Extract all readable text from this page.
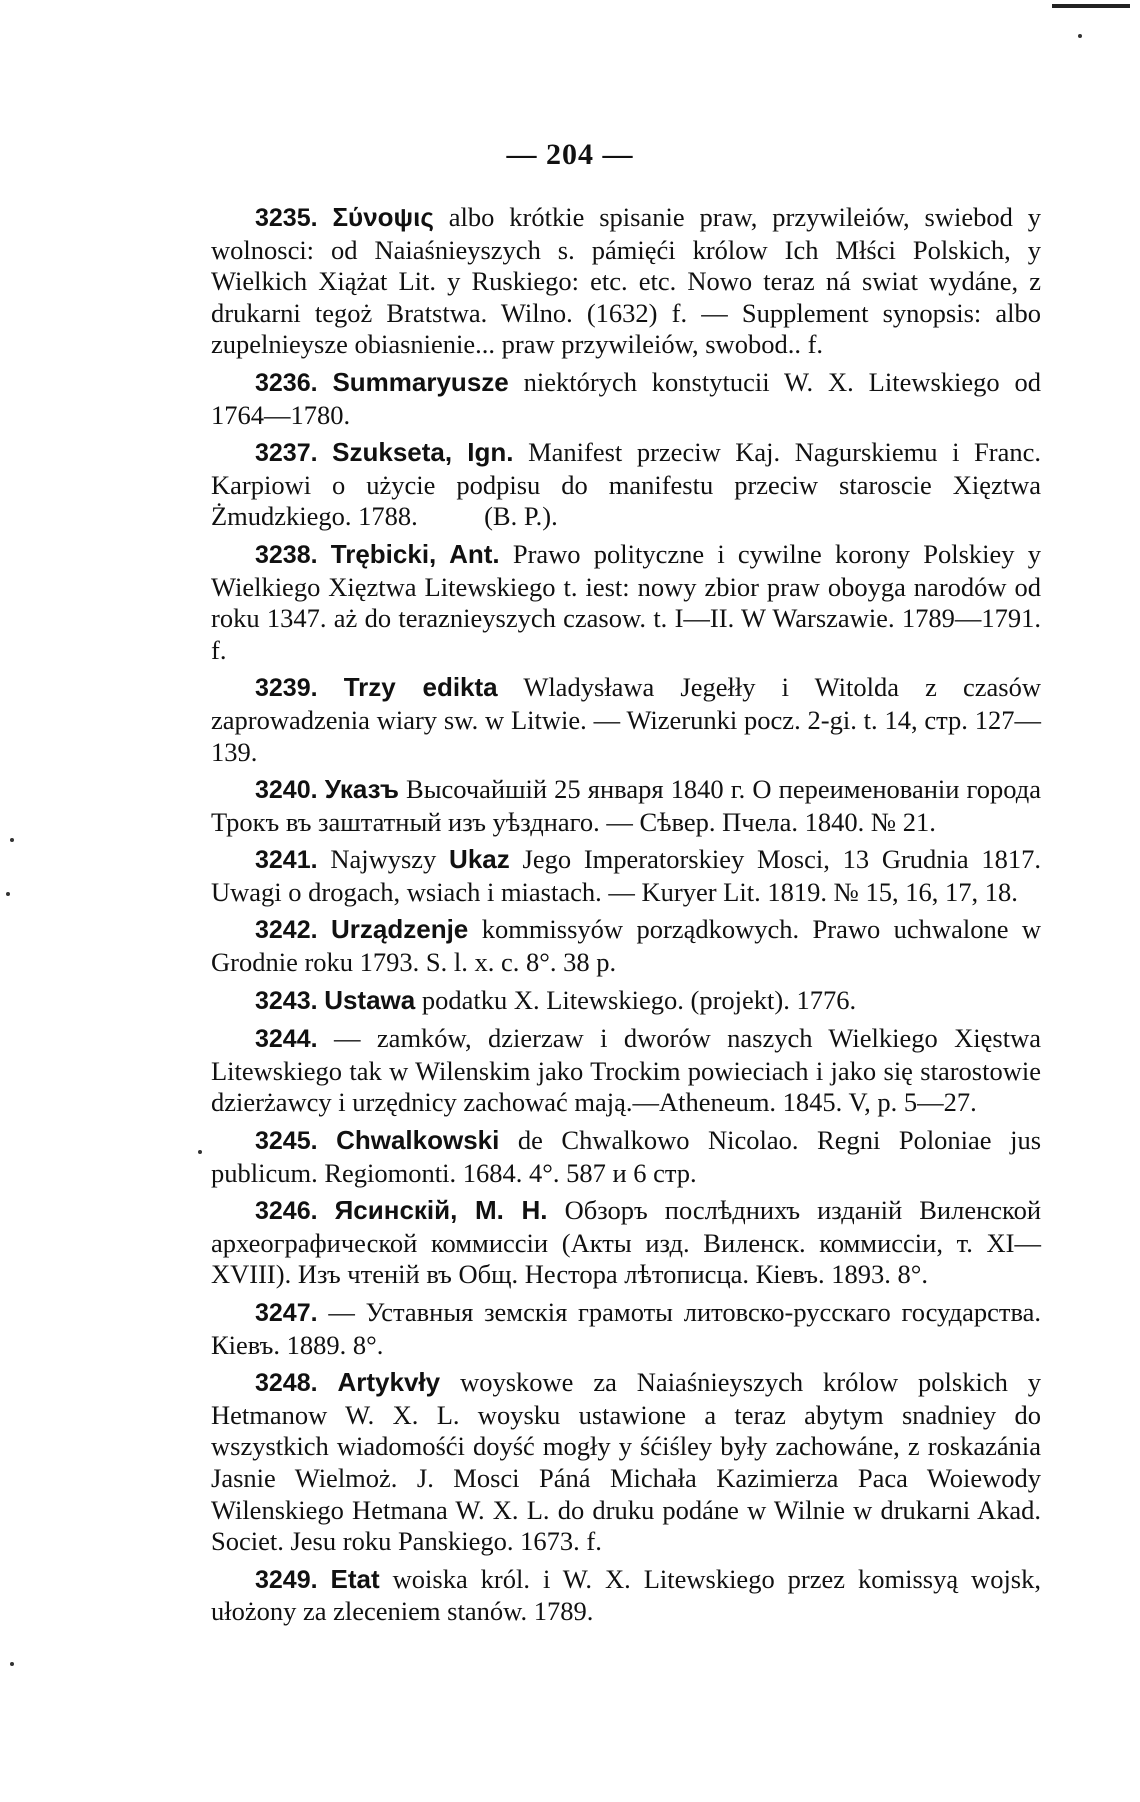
— 204 —

3235. Σύνοψις albo krótkie spisanie praw, przywileiów, swiebod y wolnosci: od Naiaśnieyszych s. pámięći królow Ich Młści Polskich, y Wielkich Xiążat Lit. y Ruskiego: etc. etc. Nowo teraz ná swiat wydáne, z drukarni tegoż Bratstwa. Wilno. (1632) f. — Supplement synopsis: albo zupelnieysze obiasnienie... praw przywileiów, swobod.. f.

3236. Summaryusze niektórych konstytucii W. X. Litewskiego od 1764—1780.

3237. Szukseta, Ign. Manifest przeciw Kaj. Nagurskiemu i Franc. Karpiowi o użycie podpisu do manifestu przeciw staroscie Xięztwa Żmudzkiego. 1788.	(B. P.).

3238. Trębicki, Ant. Prawo polityczne i cywilne korony Polskiey y Wielkiego Xięztwa Litewskiego t. iest: nowy zbior praw oboyga narodów od roku 1347. aż do teraznieyszych czasow. t. I—II. W Warszawie. 1789—1791. f.

3239. Trzy edikta Wladysława Jegełły i Witolda z czasów zaprowadzenia wiary sw. w Litwie. — Wizerunki pocz. 2-gi. t. 14, стр. 127—139.

3240. Указъ Высочайшiй 25 января 1840 г. О переименованiи города Трокъ въ заштатный изъ уѣзднаго. — Сѣвер. Пчела. 1840. № 21.

3241. Najwyszy Ukaz Jego Imperatorskiey Mosci, 13 Grudnia 1817. Uwagi o drogach, wsiach i miastach. — Kuryer Lit. 1819. № 15, 16, 17, 18.

3242. Urządzenje kommissyów porządkowych. Prawo uchwalone w Grodnie roku 1793. S. l. x. c. 8°. 38 p.

3243. Ustawa podatku X. Litewskiego. (projekt). 1776.

3244. — zamków, dzierzaw i dworów naszych Wielkiego Xięstwa Litewskiego tak w Wilenskim jako Trockim powieciach i jako się starostowie dzierżawcy i urzędnicy zachować mają.—Atheneum. 1845. V, p. 5—27.

3245. Chwalkowski de Chwalkowo Nicolao. Regni Poloniae jus publicum. Regiomonti. 1684. 4°. 587 и 6 стр.

3246. Ясинскiй, М. Н. Обзоръ послѣднихъ изданiй Виленской археографической коммиссiи (Акты изд. Виленск. коммиссiи, т. XI—XVIII). Изъ чтенiй въ Общ. Нестора лѣтописца. Кiевъ. 1893. 8°.

3247. — Уставныя земскiя грамоты литовско-русскаго государства. Кiевъ. 1889. 8°.

3248. Artykvły woyskowe za Naiaśnieyszych królow polskich y Hetmanow W. X. L. woysku ustawione a teraz abytym snadniey do wszystkich wiadomośći doyść mogły y śćiśley były zachowáne, z roskazánia Jasnie Wielmoż. J. Mosci Páná Michała Kazimierza Paca Woiewody Wilenskiego Hetmana W. X. L. do druku podáne w Wilnie w drukarni Akad. Societ. Jesu roku Panskiego. 1673. f.

3249. Etat woiska król. i W. X. Litewskiego przez komissyą wojsk, ułożony za zleceniem stanów. 1789.
